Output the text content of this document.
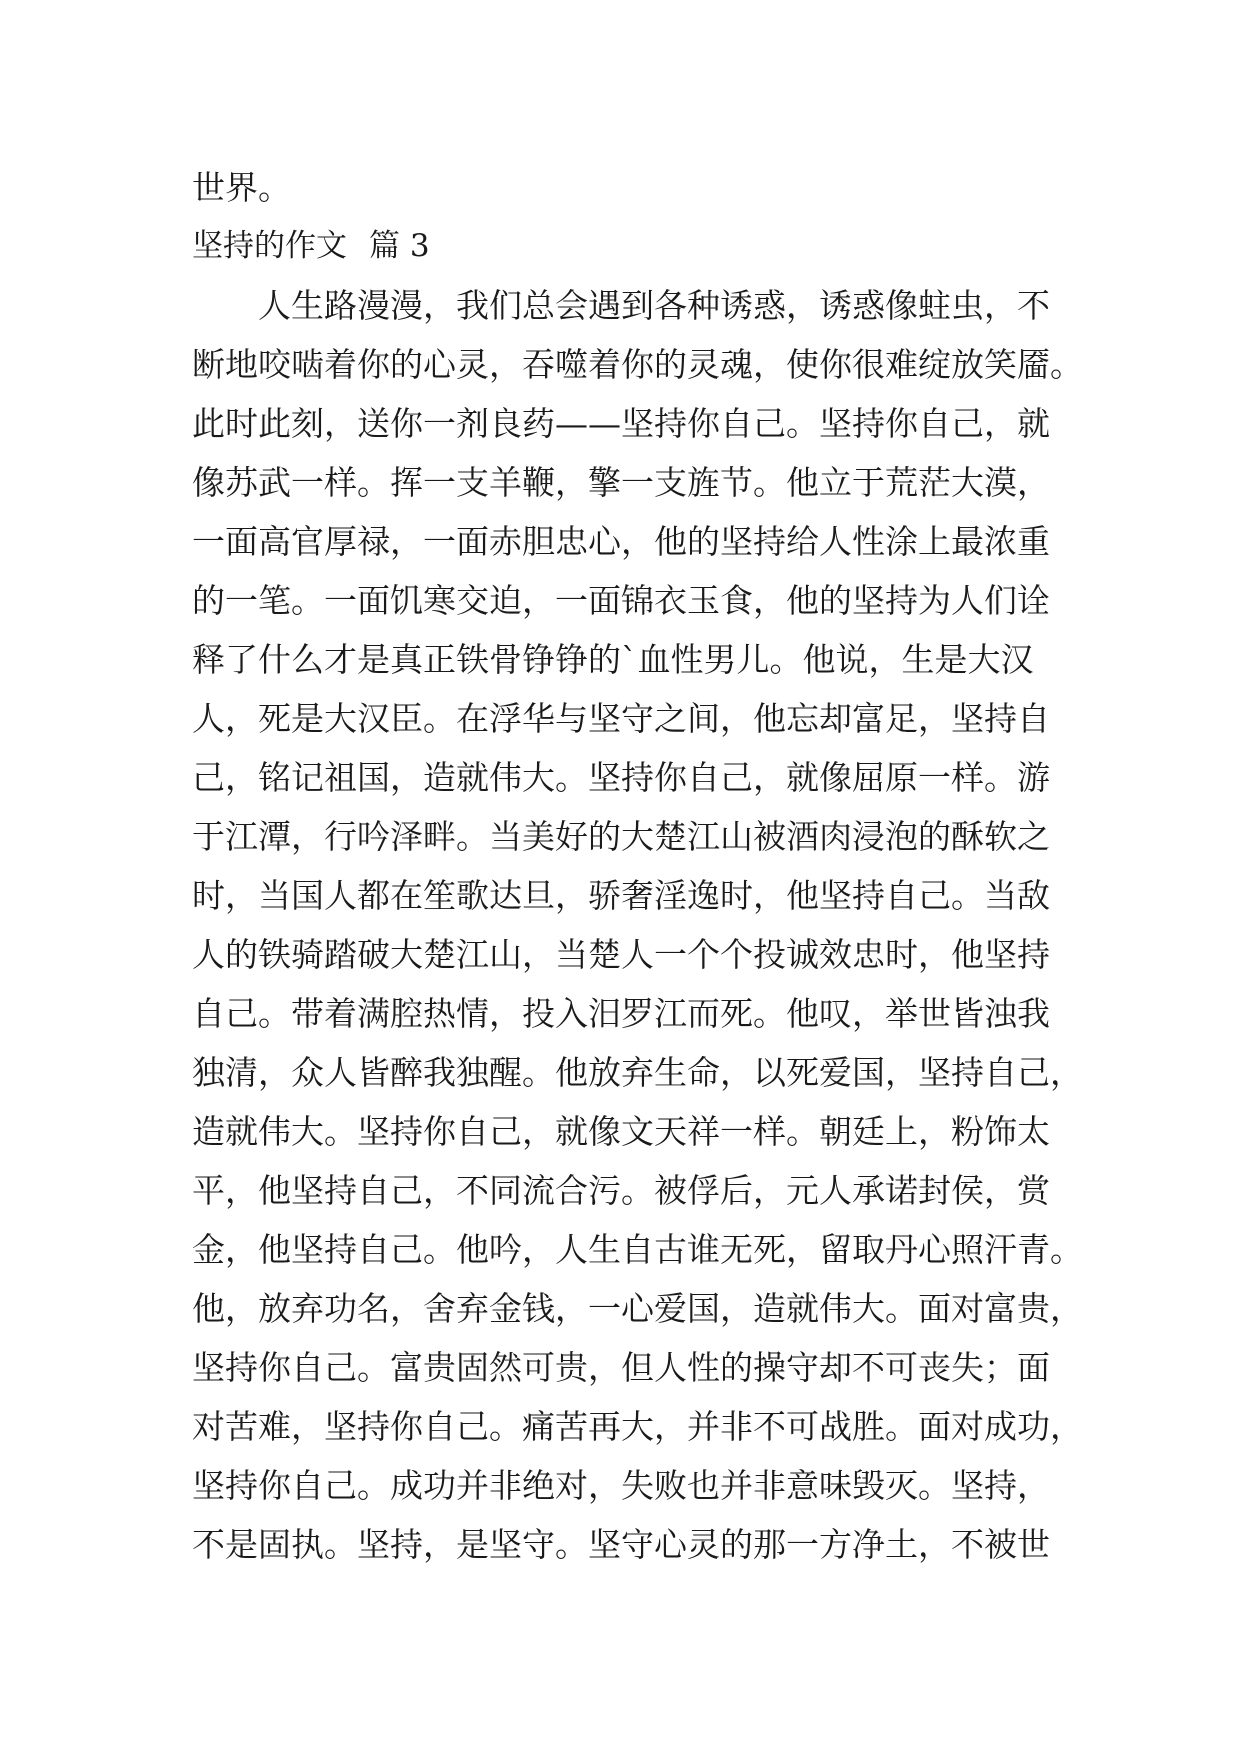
世界。
坚持的作文 篇 3
　　人生路漫漫，我们总会遇到各种诱惑，诱惑像蛀虫，不
断地咬啮着你的心灵，吞噬着你的灵魂，使你很难绽放笑靥。
此时此刻，送你一剂良药——坚持你自己。坚持你自己，就
像苏武一样。挥一支羊鞭，擎一支旌节。他立于荒茫大漠，
一面高官厚禄，一面赤胆忠心，他的坚持给人性涂上最浓重
的一笔。一面饥寒交迫，一面锦衣玉食，他的坚持为人们诠
释了什么才是真正铁骨铮铮的`血性男儿。他说，生是大汉
人，死是大汉臣。在浮华与坚守之间，他忘却富足，坚持自
己，铭记祖国，造就伟大。坚持你自己，就像屈原一样。游
于江潭，行吟泽畔。当美好的大楚江山被酒肉浸泡的酥软之
时，当国人都在笙歌达旦，骄奢淫逸时，他坚持自己。当敌
人的铁骑踏破大楚江山，当楚人一个个投诚效忠时，他坚持
自己。带着满腔热情，投入汨罗江而死。他叹，举世皆浊我
独清，众人皆醉我独醒。他放弃生命，以死爱国，坚持自己，
造就伟大。坚持你自己，就像文天祥一样。朝廷上，粉饰太
平，他坚持自己，不同流合污。被俘后，元人承诺封侯，赏
金，他坚持自己。他吟，人生自古谁无死，留取丹心照汗青。
他，放弃功名，舍弃金钱，一心爱国，造就伟大。面对富贵，
坚持你自己。富贵固然可贵，但人性的操守却不可丧失；面
对苦难，坚持你自己。痛苦再大，并非不可战胜。面对成功，
坚持你自己。成功并非绝对，失败也并非意味毁灭。坚持，
不是固执。坚持，是坚守。坚守心灵的那一方净土，不被世
